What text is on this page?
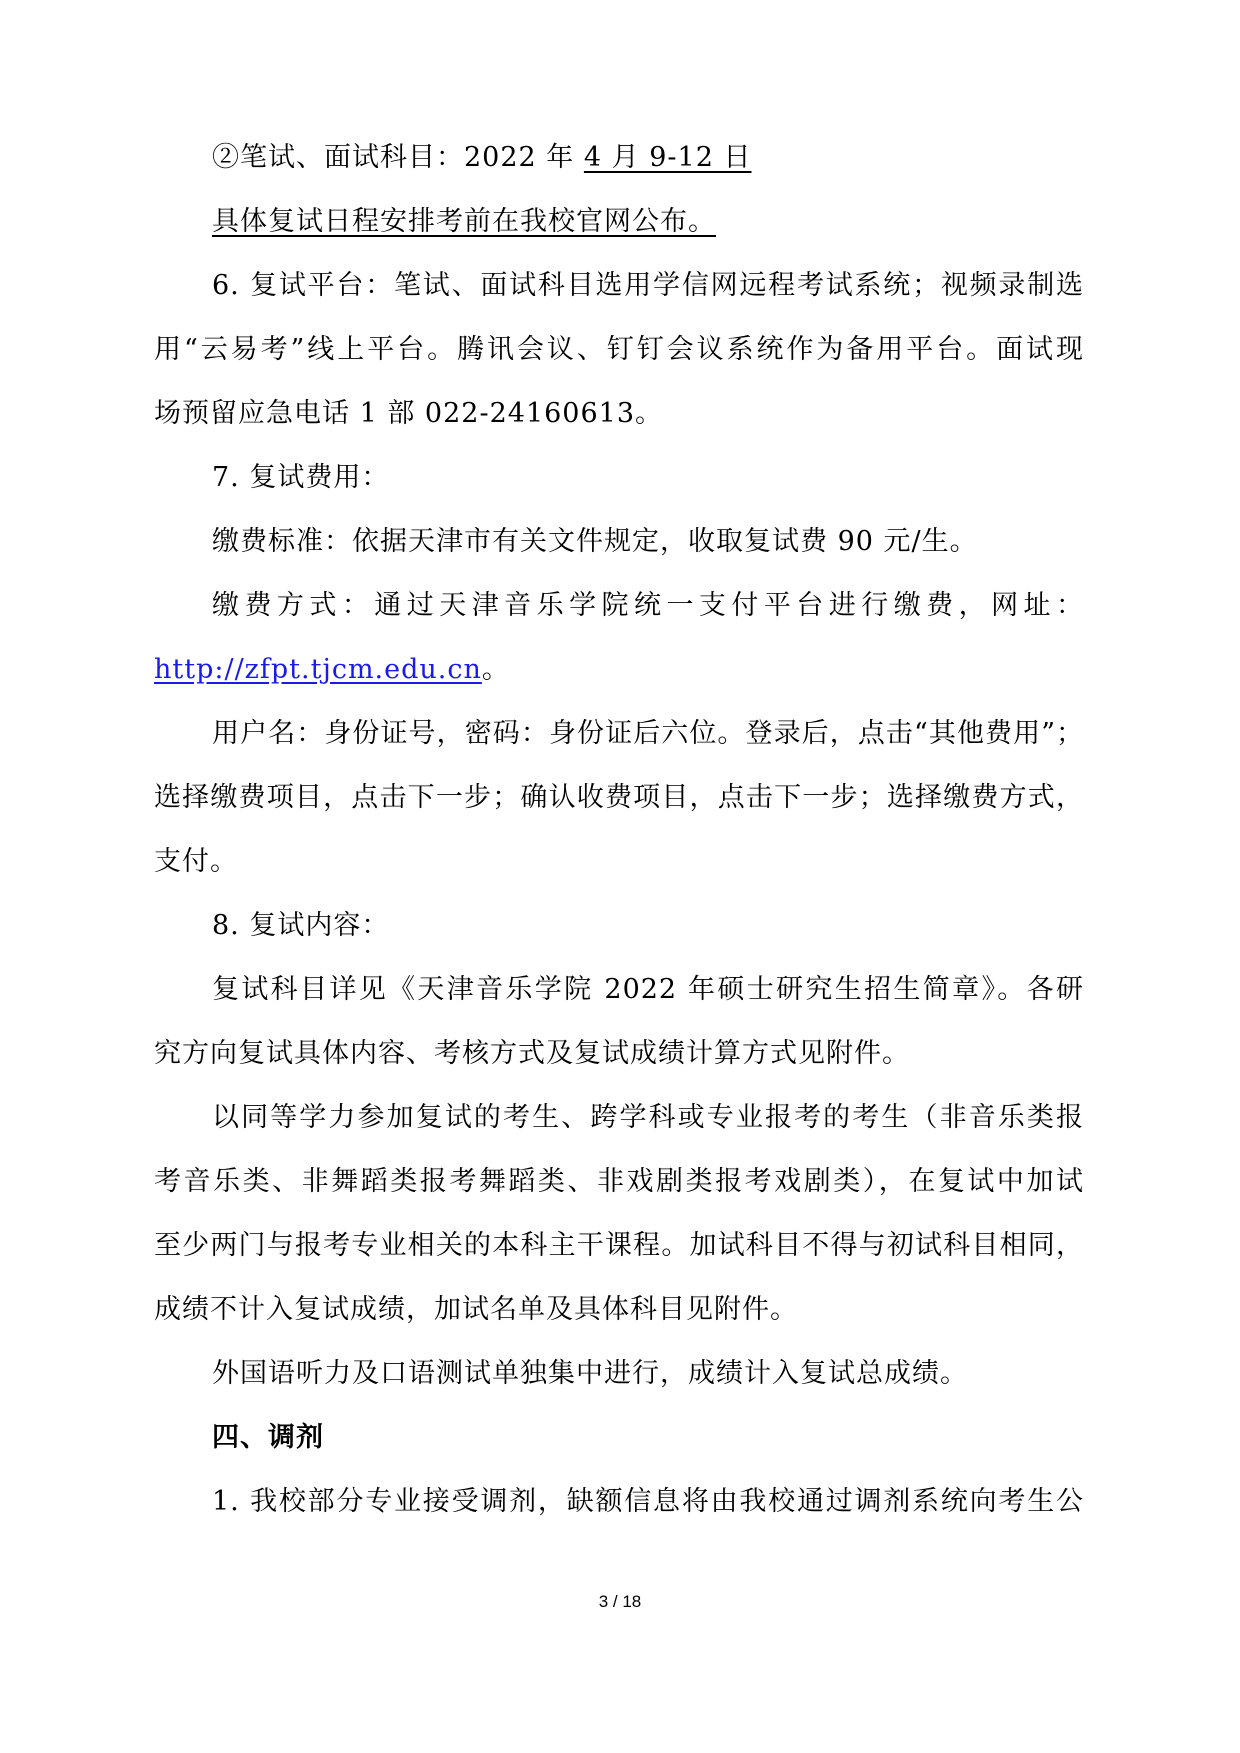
②笔试、面试科目：2022 年 4 月 9-12 日
具体复试日程安排考前在我校官网公布。
6. 复试平台：笔试、面试科目选用学信网远程考试系统；视频录制选
用“云易考”线上平台。腾讯会议、钉钉会议系统作为备用平台。面试现
场预留应急电话 1 部 022-24160613。
7. 复试费用：
缴费标准：依据天津市有关文件规定，收取复试费 90 元/生。
缴费方式：通过天津音乐学院统一支付平台进行缴费，网址：
http://zfpt.tjcm.edu.cn。
用户名：身份证号，密码：身份证后六位。登录后，点击“其他费用”；
选择缴费项目，点击下一步；确认收费项目，点击下一步；选择缴费方式，
支付。
8. 复试内容：
复试科目详见《天津音乐学院 2022 年硕士研究生招生简章》。各研
究方向复试具体内容、考核方式及复试成绩计算方式见附件。
以同等学力参加复试的考生、跨学科或专业报考的考生（非音乐类报
考音乐类、非舞蹈类报考舞蹈类、非戏剧类报考戏剧类），在复试中加试
至少两门与报考专业相关的本科主干课程。加试科目不得与初试科目相同，
成绩不计入复试成绩，加试名单及具体科目见附件。
外国语听力及口语测试单独集中进行，成绩计入复试总成绩。
四、调剂
1. 我校部分专业接受调剂，缺额信息将由我校通过调剂系统向考生公
3 / 18
